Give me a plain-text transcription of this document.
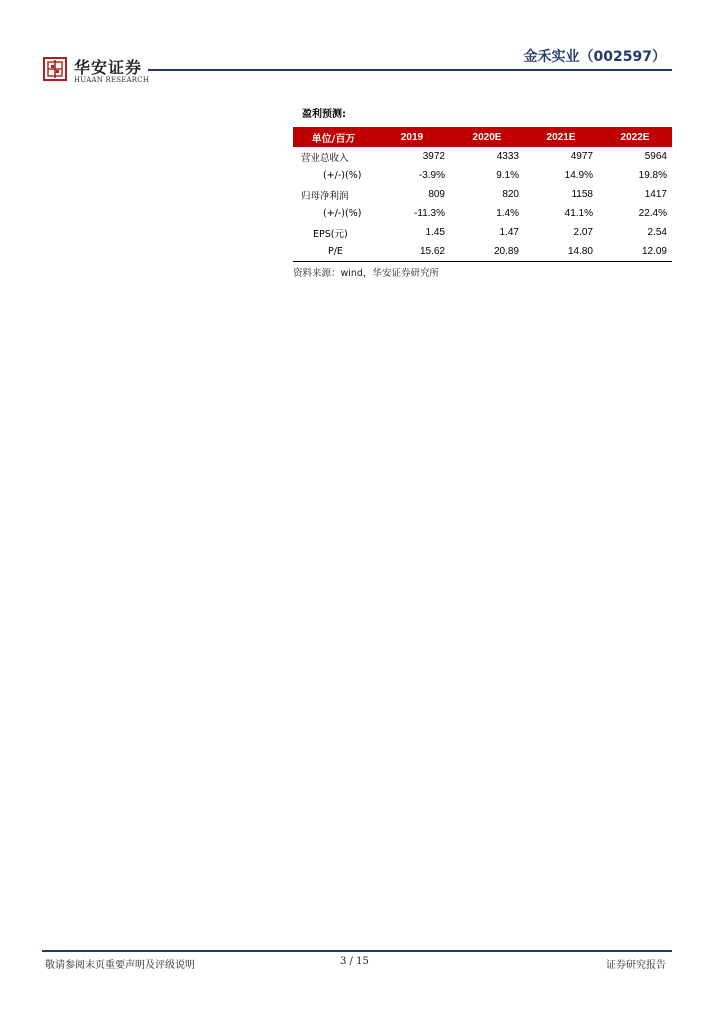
华安证券
HUAAN RESEARCH
金禾实业（002597）
盈利预测:
单位/百万	2019	2020E	2021E	2022E
营业总收入	3972	4333	4977	5964
(+/-)(%)	-3.9%	9.1%	14.9%	19.8%
归母净利润	809	820	1158	1417
(+/-)(%)	-11.3%	1.4%	41.1%	22.4%
EPS(元)	1.45	1.47	2.07	2.54
P/E	15.62	20.89	14.80	12.09
资料来源：wind，华安证券研究所
敬请参阅末页重要声明及评级说明	3 / 15	证券研究报告
